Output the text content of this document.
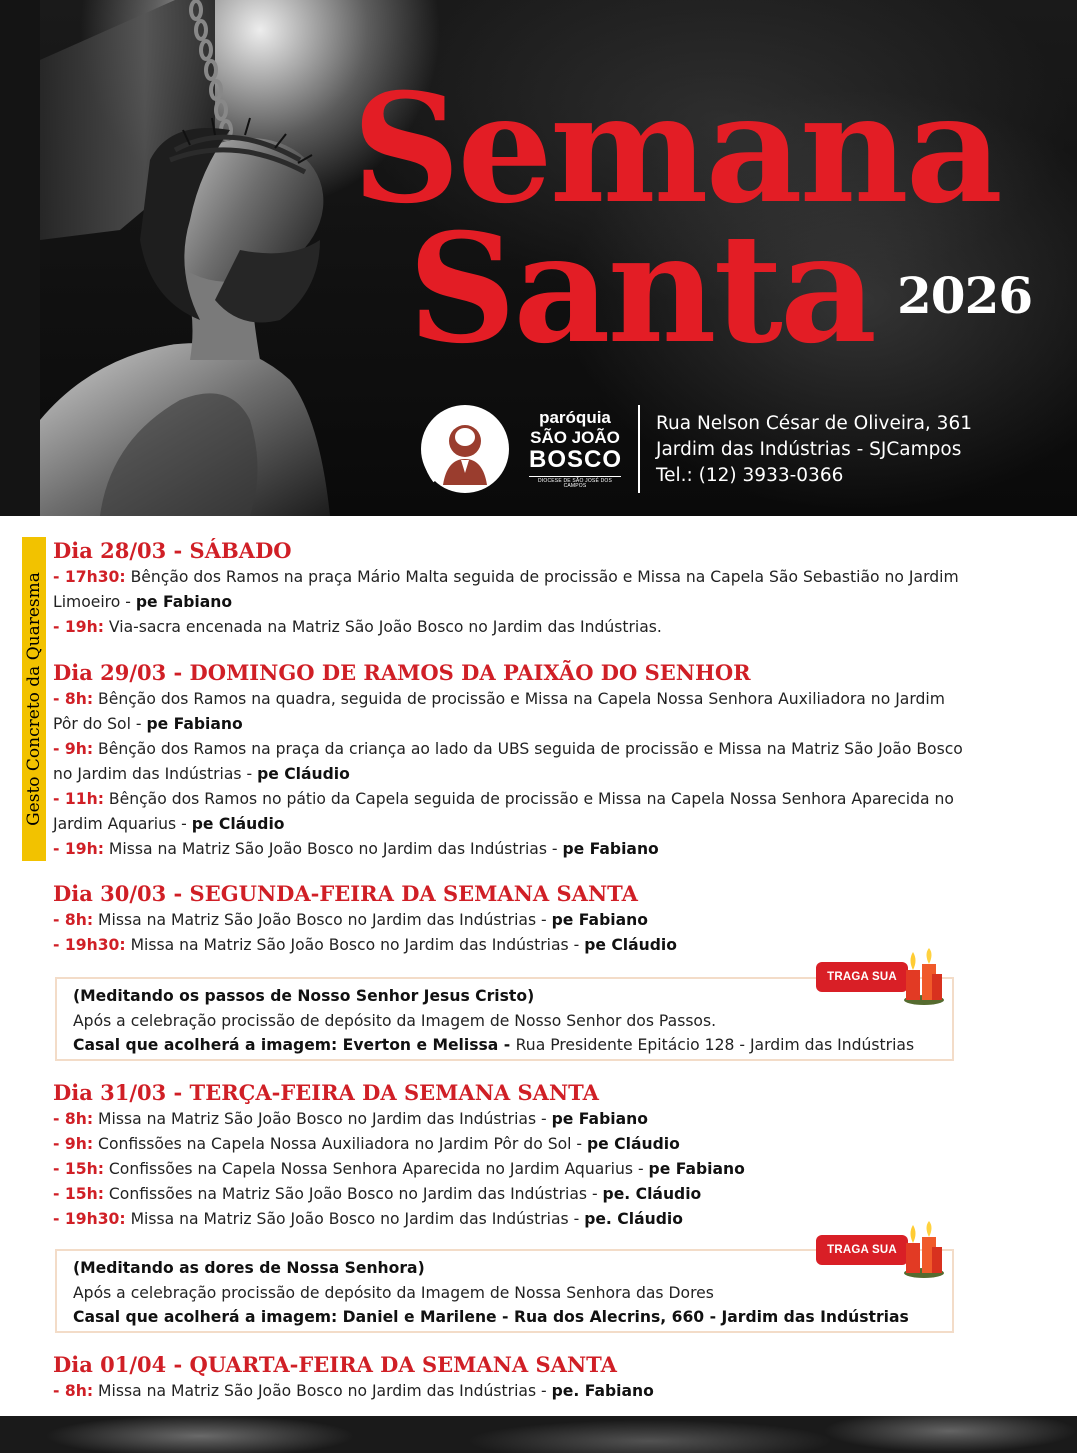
Semana
Santa 2026

paróquia
SÃO JOÃO
BOSCO
DIOCESE DE SÃO JOSÉ DOS CAMPOS
Rua Nelson César de Oliveira, 361
Jardim das Indústrias - SJCampos
Tel.: (12) 3933-0366
Gesto Concreto da Quaresma
Dia 28/03 - SÁBADO
- 17h30: Bênção dos Ramos na praça Mário Malta seguida de procissão e Missa na Capela São Sebastião no Jardim
Limoeiro - pe Fabiano
- 19h: Via-sacra encenada na Matriz São João Bosco no Jardim das Indústrias.
Dia 29/03 - DOMINGO DE RAMOS DA PAIXÃO DO SENHOR
- 8h: Bênção dos Ramos na quadra, seguida de procissão e Missa na Capela Nossa Senhora Auxiliadora no Jardim
Pôr do Sol - pe Fabiano
- 9h: Bênção dos Ramos na praça da criança ao lado da UBS seguida de procissão e Missa na Matriz São João Bosco
no Jardim das Indústrias - pe Cláudio
- 11h: Bênção dos Ramos no pátio da Capela seguida de procissão e Missa na Capela Nossa Senhora Aparecida no
Jardim Aquarius - pe Cláudio
- 19h: Missa na Matriz São João Bosco no Jardim das Indústrias - pe Fabiano
Dia 30/03 - SEGUNDA-FEIRA DA SEMANA SANTA
- 8h: Missa na Matriz São João Bosco no Jardim das Indústrias - pe Fabiano
- 19h30: Missa na Matriz São João Bosco no Jardim das Indústrias - pe Cláudio
(Meditando os passos de Nosso Senhor Jesus Cristo)
Após a celebração procissão de depósito da Imagem de Nosso Senhor dos Passos.
Casal que acolherá a imagem: Everton e Melissa - Rua Presidente Epitácio 128 - Jardim das Indústrias
TRAGA SUA VELA
Dia 31/03 - TERÇA-FEIRA DA SEMANA SANTA
- 8h: Missa na Matriz São João Bosco no Jardim das Indústrias - pe Fabiano
- 9h: Confissões na Capela Nossa Auxiliadora no Jardim Pôr do Sol - pe Cláudio
- 15h: Confissões na Capela Nossa Senhora Aparecida no Jardim Aquarius - pe Fabiano
- 15h: Confissões na Matriz São João Bosco no Jardim das Indústrias - pe. Cláudio
- 19h30: Missa na Matriz São João Bosco no Jardim das Indústrias - pe. Cláudio
(Meditando as dores de Nossa Senhora)
Após a celebração procissão de depósito da Imagem de Nossa Senhora das Dores
Casal que acolherá a imagem: Daniel e Marilene - Rua dos Alecrins, 660 - Jardim das Indústrias
TRAGA SUA VELA
Dia 01/04 - QUARTA-FEIRA DA SEMANA SANTA
- 8h: Missa na Matriz São João Bosco no Jardim das Indústrias - pe. Fabiano
